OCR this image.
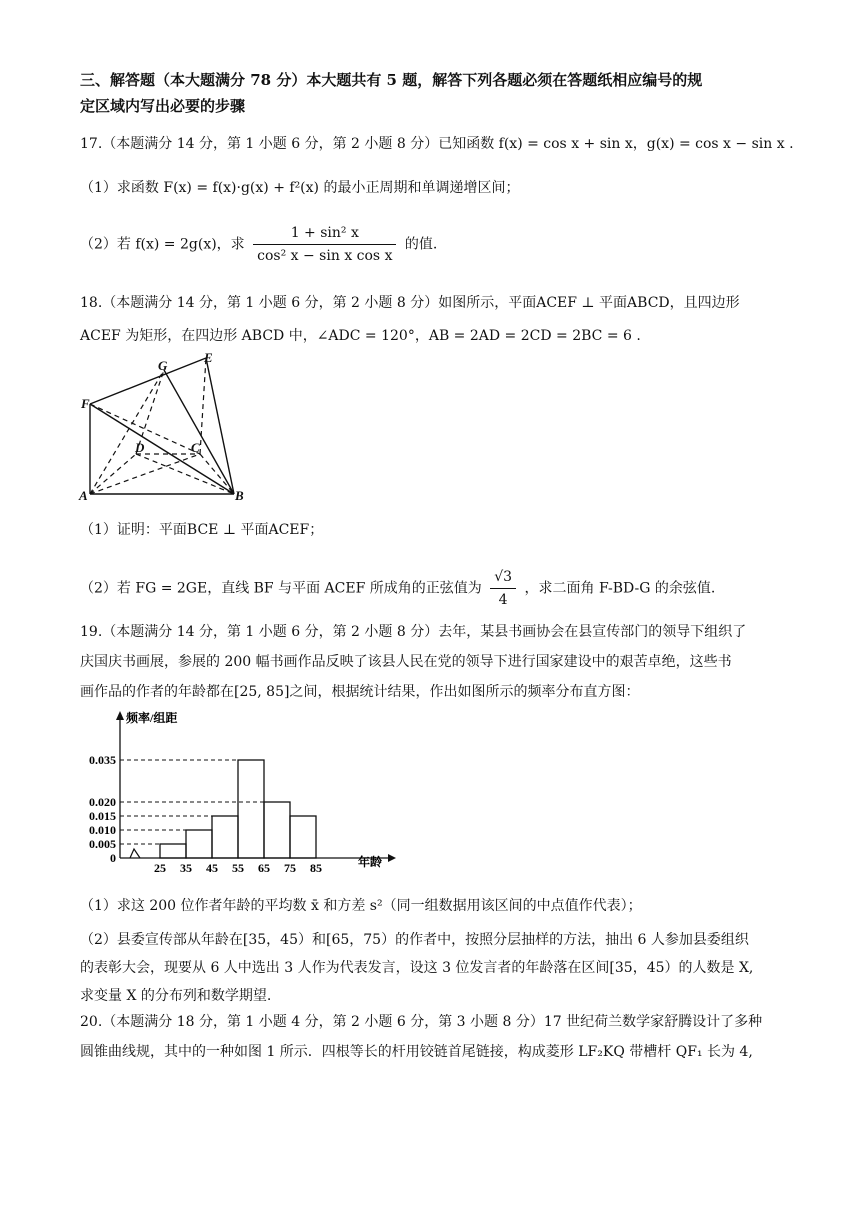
三、解答题（本大题满分 78 分）本大题共有 5 题，解答下列各题必须在答题纸相应编号的规
定区域内写出必要的步骤
17.（本题满分 14 分，第 1 小题 6 分，第 2 小题 8 分）已知函数 f(x) = cos x + sin x，g(x) = cos x − sin x .
（1）求函数 F(x) = f(x)·g(x) + f²(x) 的最小正周期和单调递增区间；
（2）若 f(x) = 2g(x)，求 $\frac{\text{1 + sin² x}}{\text{cos² x − sin x cos x}}$ 的值.
18.（本题满分 14 分，第 1 小题 6 分，第 2 小题 8 分）如图所示，平面ACEF ⊥ 平面ABCD，且四边形
ACEF 为矩形，在四边形 ABCD 中，∠ADC = 120°，AB = 2AD = 2CD = 2BC = 6 .
G
E
F
D	C
A	B
（1）证明：平面BCE ⊥ 平面ACEF；
（2）若 FG = 2GE，直线 BF 与平面 ACEF 所成角的正弦值为 $\frac{√3}{4}$ ，求二面角 F-BD-G 的余弦值.
19.（本题满分 14 分，第 1 小题 6 分，第 2 小题 8 分）去年，某县书画协会在县宣传部门的领导下组织了
庆国庆书画展，参展的 200 幅书画作品反映了该县人民在党的领导下进行国家建设中的艰苦卓绝，这些书
画作品的作者的年龄都在[25, 85]之间，根据统计结果，作出如图所示的频率分布直方图：
频率/组距
年龄
0.035
0.020
0.015
0.010
0.005
0
25 35 45 55 65 75 85
（1）求这 200 位作者年龄的平均数 x̄ 和方差 s²（同一组数据用该区间的中点值作代表）；
（2）县委宣传部从年龄在[35，45）和[65，75）的作者中，按照分层抽样的方法，抽出 6 人参加县委组织
的表彰大会，现要从 6 人中选出 3 人作为代表发言，设这 3 位发言者的年龄落在区间[35，45）的人数是 X,
求变量 X 的分布列和数学期望.
20.（本题满分 18 分，第 1 小题 4 分，第 2 小题 6 分，第 3 小题 8 分）17 世纪荷兰数学家舒腾设计了多种
圆锥曲线规，其中的一种如图 1 所示．四根等长的杆用铰链首尾链接，构成菱形 LF₂KQ 带槽杆 QF₁ 长为 4,
